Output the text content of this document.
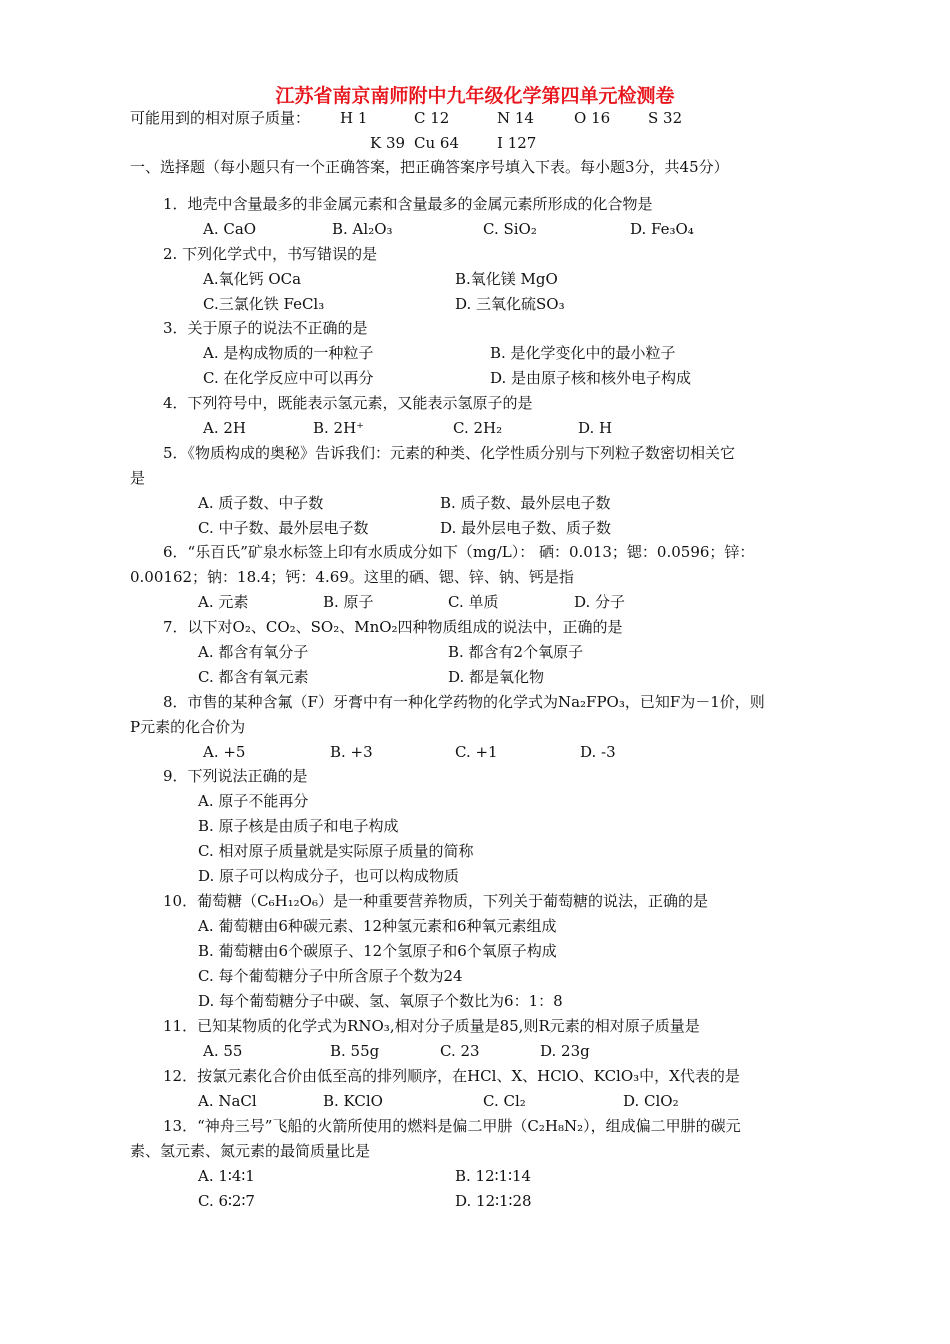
江苏省南京南师附中九年级化学第四单元检测卷
可能用到的相对原子质量： H 1	C 12	N 14	O 16	S 32
K 39 Cu 64	I 127
一、选择题（每小题只有一个正确答案，把正确答案序号填入下表。每小题3分，共45分）
1．地壳中含量最多的非金属元素和含量最多的金属元素所形成的化合物是
A. CaO	B. Al₂O₃	C. SiO₂	D. Fe₃O₄
2. 下列化学式中，书写错误的是
A.氧化钙 OCa	B.氧化镁 MgO
C.三氯化铁 FeCl₃	D. 三氧化硫SO₃
3．关于原子的说法不正确的是
A. 是构成物质的一种粒子	B. 是化学变化中的最小粒子
C. 在化学反应中可以再分	D. 是由原子核和核外电子构成
4．下列符号中，既能表示氢元素，又能表示氢原子的是
A. 2H	B. 2H⁺	C. 2H₂	D. H
5．《物质构成的奥秘》告诉我们：元素的种类、化学性质分别与下列粒子数密切相关它
是
A. 质子数、中子数	B. 质子数、最外层电子数
C. 中子数、最外层电子数	D. 最外层电子数、质子数
6．“乐百氏”矿泉水标签上印有水质成分如下（mg/L）： 硒：0.013；锶：0.0596；锌：
0.00162；钠：18.4；钙：4.69。这里的硒、锶、锌、钠、钙是指
A. 元素	B. 原子	C. 单质	D. 分子
7．以下对O₂、CO₂、SO₂、MnO₂四种物质组成的说法中，正确的是
A. 都含有氧分子	B. 都含有2个氧原子
C. 都含有氧元素	D. 都是氧化物
8．市售的某种含氟（F）牙膏中有一种化学药物的化学式为Na₂FPO₃，已知F为－1价，则
P元素的化合价为
A. +5	B. +3	C. +1	D. -3
9．下列说法正确的是
A. 原子不能再分
B. 原子核是由质子和电子构成
C. 相对原子质量就是实际原子质量的简称
D. 原子可以构成分子，也可以构成物质
10．葡萄糖（C₆H₁₂O₆）是一种重要营养物质，下列关于葡萄糖的说法，正确的是
A. 葡萄糖由6种碳元素、12种氢元素和6种氧元素组成
B. 葡萄糖由6个碳原子、12个氢原子和6个氧原子构成
C. 每个葡萄糖分子中所含原子个数为24
D. 每个葡萄糖分子中碳、氢、氧原子个数比为6：1：8
11．已知某物质的化学式为RNO₃,相对分子质量是85,则R元素的相对原子质量是
A. 55	B. 55g	C. 23	D. 23g
12．按氯元素化合价由低至高的排列顺序，在HCl、X、HClO、KClO₃中，X代表的是
A. NaCl	B. KClO	C. Cl₂	D. ClO₂
13．“神舟三号”飞船的火箭所使用的燃料是偏二甲肼（C₂H₈N₂），组成偏二甲肼的碳元
素、氢元素、氮元素的最简质量比是
A. 1∶4∶1	B. 12∶1∶14
C. 6∶2∶7	D. 12∶1∶28
